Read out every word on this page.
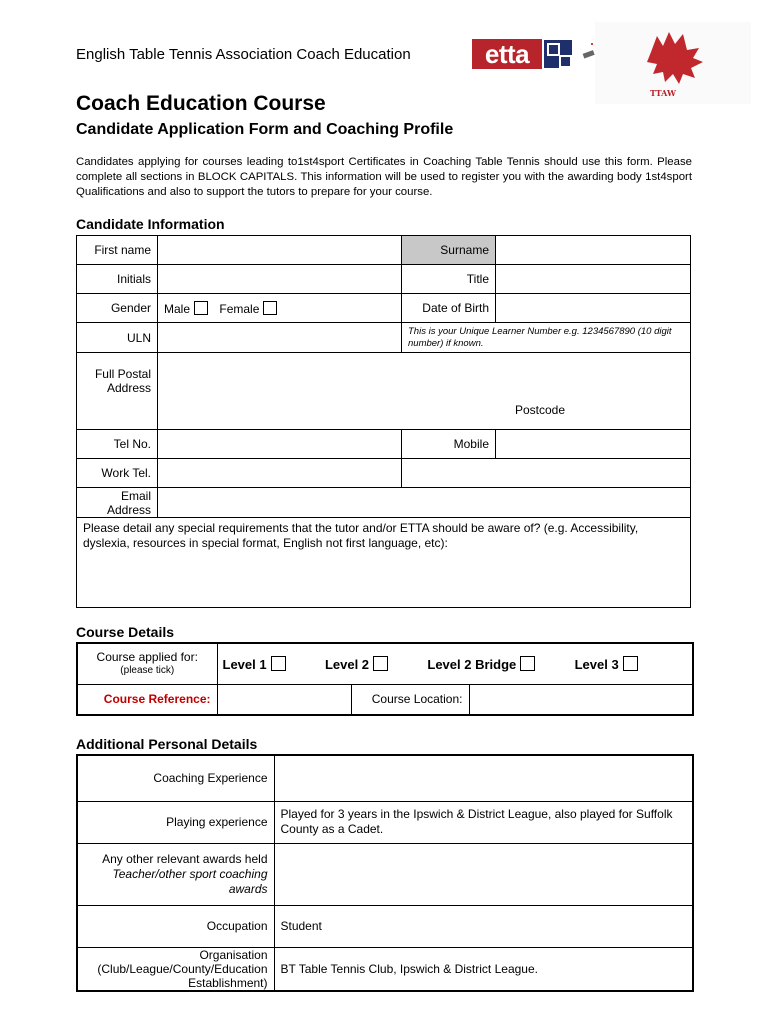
English Table Tennis Association Coach Education	etta
TTAW
Coach Education Course
Candidate Application Form and Coaching Profile
Candidates applying for courses leading to1st4sport Certificates in Coaching Table Tennis should use this form. Please complete all sections in BLOCK CAPITALS. This information will be used to register you with the awarding body 1st4sport Qualifications and also to support the tutors to prepare for your course.
Candidate Information
First name		Surname	
Initials		Title	
Gender	Male Female	Date of Birth	
ULN		This is your Unique Learner Number e.g. 1234567890 (10 digit number) if known.	
Full Postal Address	Postcode		

Tel No.		Mobile	
Work Tel.			
Email Address			
Please detail any special requirements that the tutor and/or ETTA should be aware of? (e.g. Accessibility, dyslexia, resources in special format, English not first language, etc):			
Course Details
Course applied for:
(please tick)	Level 1 Level 2 Level 2 Bridge Level 3		
Course Reference:		Course Location:	
Additional Personal Details
Coaching Experience	
Playing experience	Played for 3 years in the Ipswich & District League, also played for Suffolk County as a Cadet.

Any other relevant awards held
Teacher/other sport coaching awards	

Occupation	Student
Organisation (Club/League/County/Education Establishment)	BT Table Tennis Club, Ipswich & District League.
